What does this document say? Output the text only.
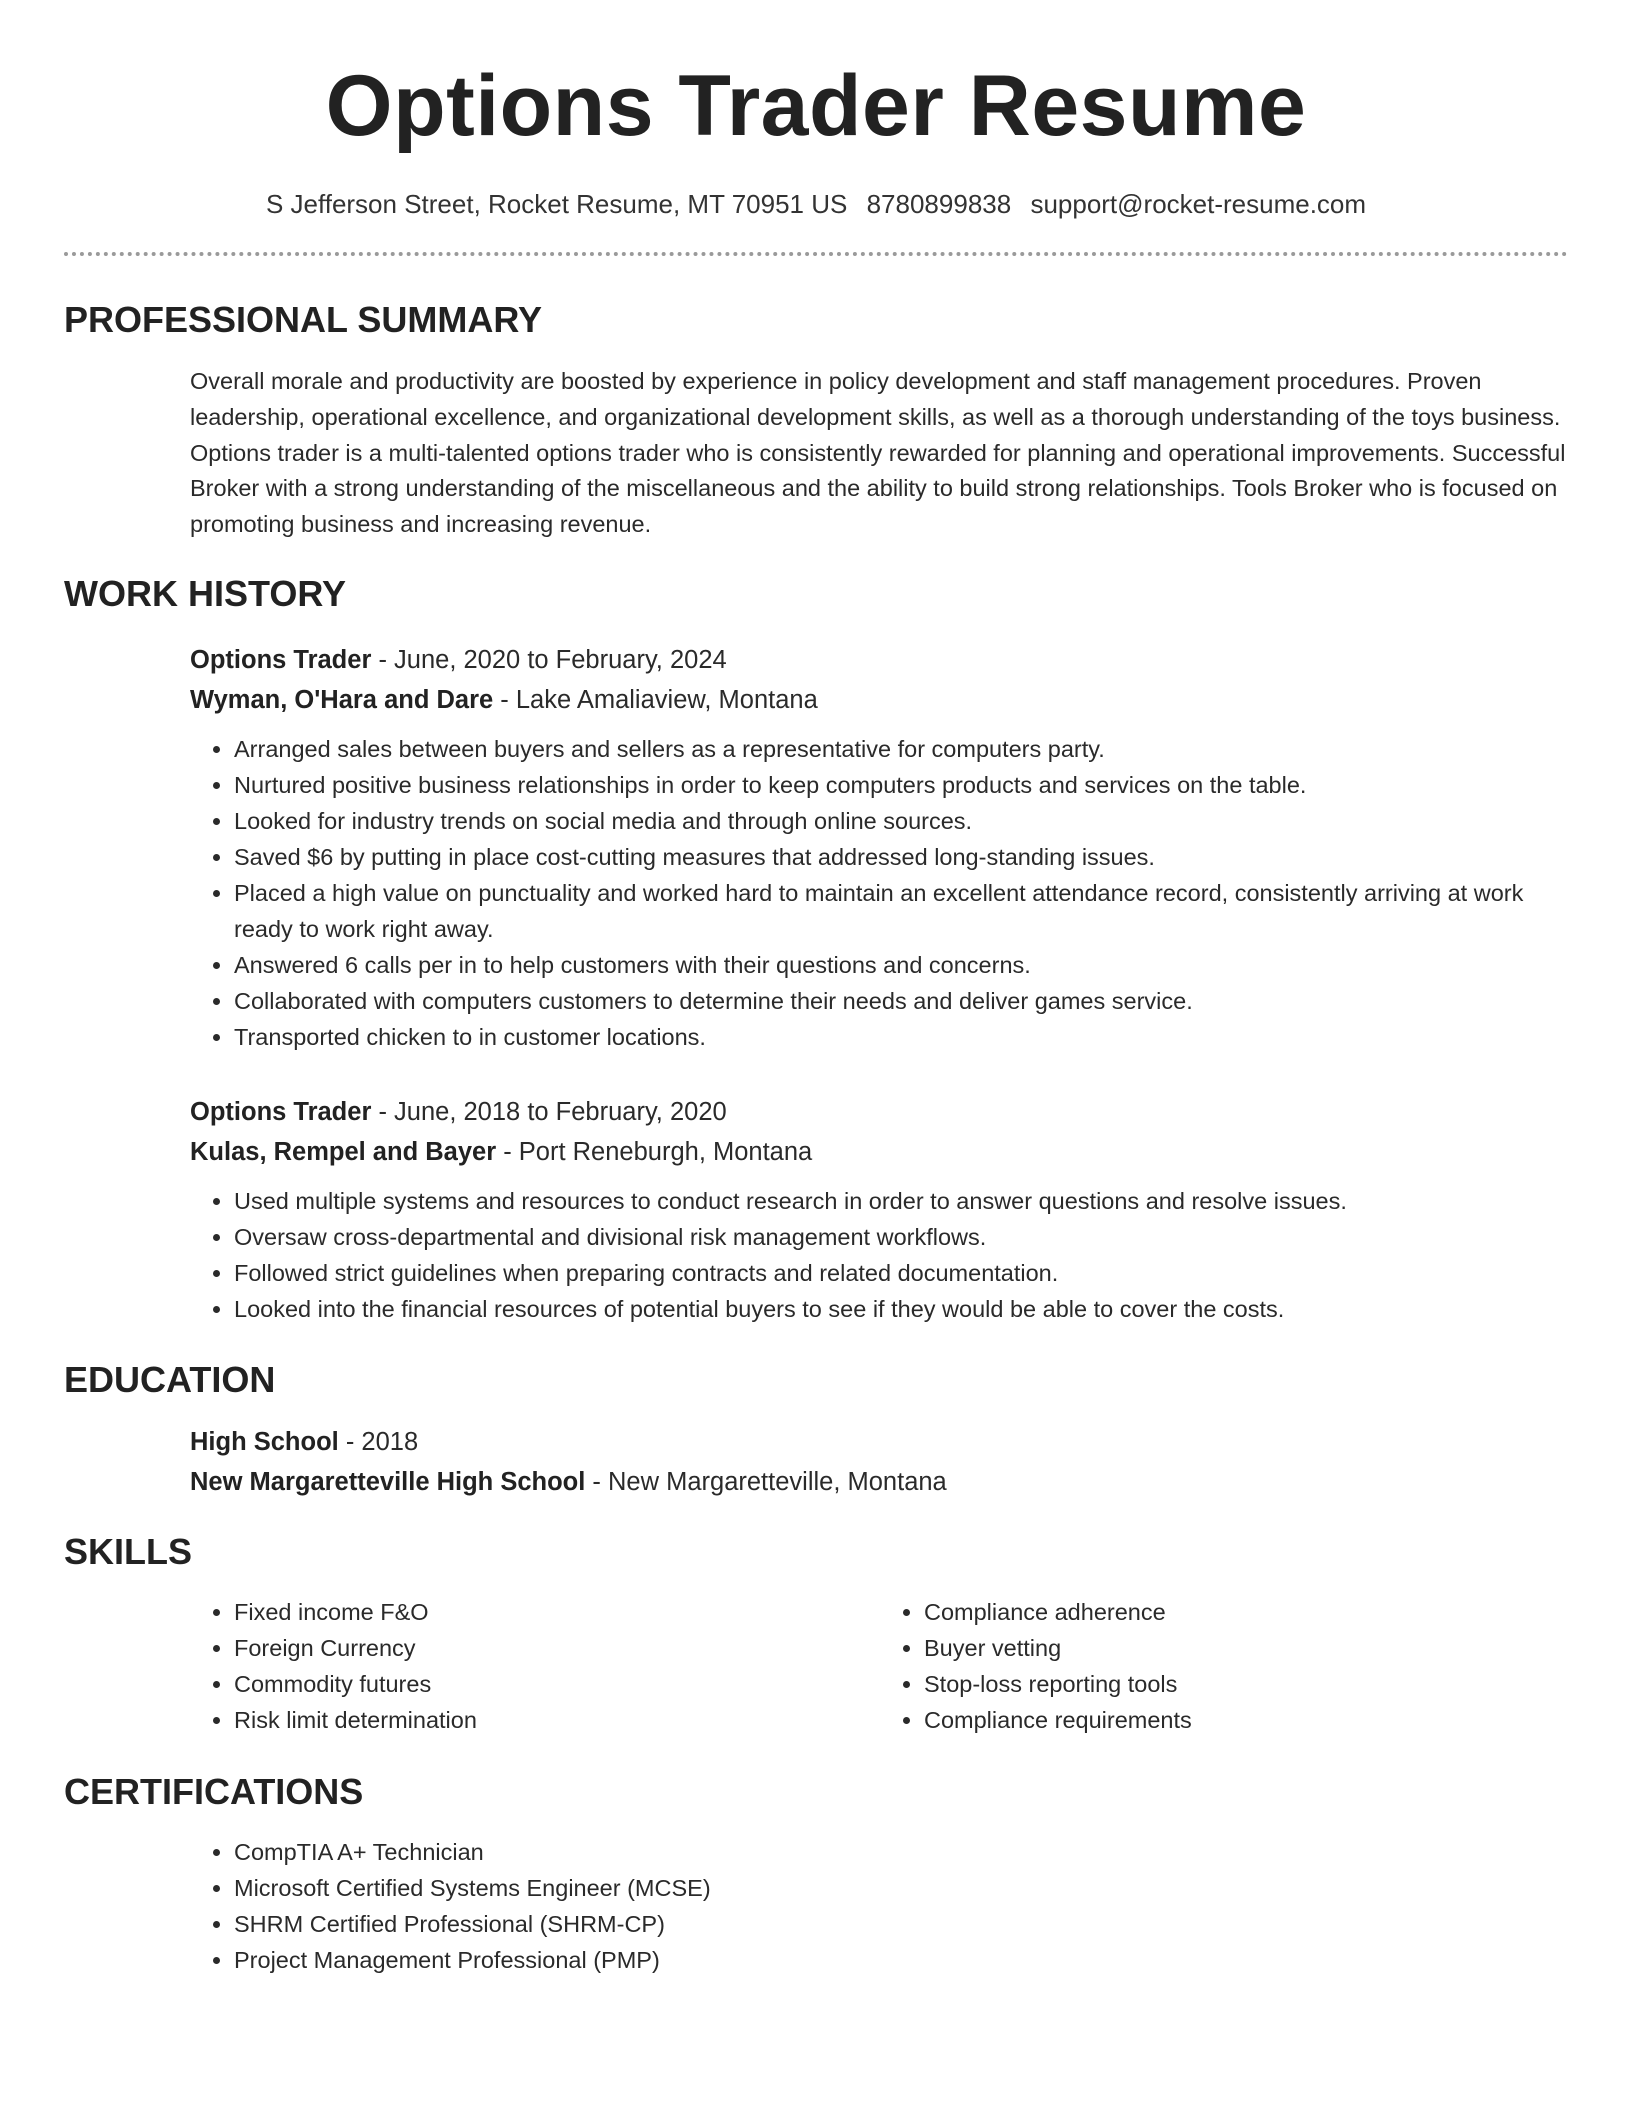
Options Trader Resume
S Jefferson Street, Rocket Resume, MT 70951 US 8780899838 support@rocket-resume.com
PROFESSIONAL SUMMARY

Overall morale and productivity are boosted by experience in policy development and staff management procedures. Proven leadership, operational excellence, and organizational development skills, as well as a thorough understanding of the toys business. Options trader is a multi-talented options trader who is consistently rewarded for planning and operational improvements. Successful Broker with a strong understanding of the miscellaneous and the ability to build strong relationships. Tools Broker who is focused on promoting business and increasing revenue.

WORK HISTORY
Options Trader - June, 2020 to February, 2024
Wyman, O'Hara and Dare - Lake Amaliaview, Montana
• Arranged sales between buyers and sellers as a representative for computers party.
• Nurtured positive business relationships in order to keep computers products and services on the table.
• Looked for industry trends on social media and through online sources.
• Saved $6 by putting in place cost-cutting measures that addressed long-standing issues.
• Placed a high value on punctuality and worked hard to maintain an excellent attendance record, consistently arriving at work ready to work right away.
• Answered 6 calls per in to help customers with their questions and concerns.
• Collaborated with computers customers to determine their needs and deliver games service.
• Transported chicken to in customer locations.
Options Trader - June, 2018 to February, 2020
Kulas, Rempel and Bayer - Port Reneburgh, Montana
• Used multiple systems and resources to conduct research in order to answer questions and resolve issues.
• Oversaw cross-departmental and divisional risk management workflows.
• Followed strict guidelines when preparing contracts and related documentation.
• Looked into the financial resources of potential buyers to see if they would be able to cover the costs.
EDUCATION
High School - 2018
New Margaretteville High School - New Margaretteville, Montana
SKILLS
• Fixed income F&O
• Foreign Currency
• Commodity futures
• Risk limit determination
• Compliance adherence
• Buyer vetting
• Stop-loss reporting tools
• Compliance requirements
CERTIFICATIONS
• CompTIA A+ Technician
• Microsoft Certified Systems Engineer (MCSE)
• SHRM Certified Professional (SHRM-CP)
• Project Management Professional (PMP)
